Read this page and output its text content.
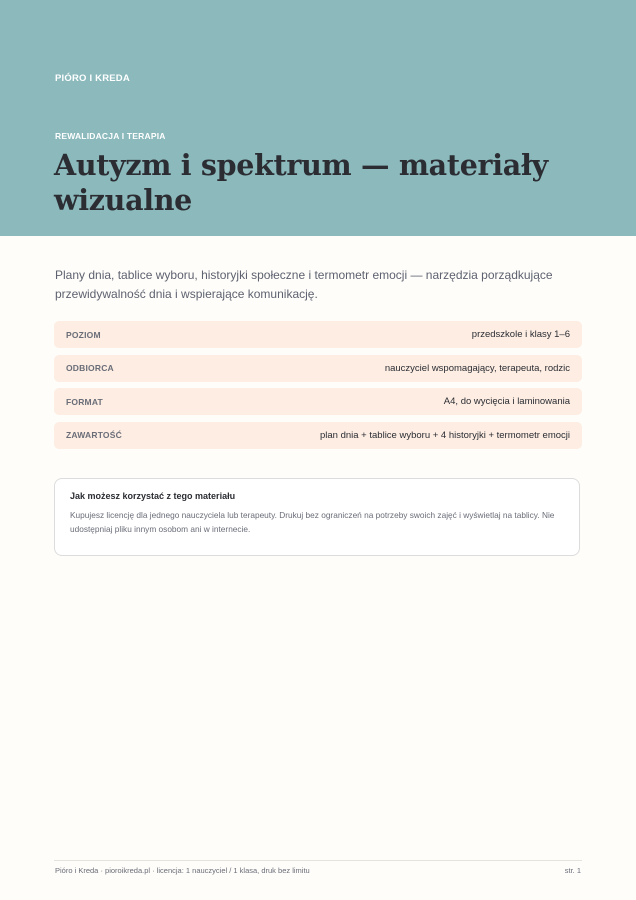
PIÓRO I KREDA
REWALIDACJA I TERAPIA
Autyzm i spektrum — materiały wizualne

Plany dnia, tablice wyboru, historyjki społeczne i termometr emocji — narzędzia porządkujące przewidywalność dnia i wspierające komunikację.

POZIOM	przedszkole i klasy 1–6
ODBIORCA	nauczyciel wspomagający, terapeuta, rodzic
FORMAT	A4, do wycięcia i laminowania
ZAWARTOŚĆ	plan dnia + tablice wyboru + 4 historyjki + termometr emocji
Jak możesz korzystać z tego materiału
Kupujesz licencję dla jednego nauczyciela lub terapeuty. Drukuj bez ograniczeń na potrzeby swoich zajęć i wyświetlaj na tablicy. Nie udostępniaj pliku innym osobom ani w internecie.
Pióro i Kreda · pioroikreda.pl · licencja: 1 nauczyciel / 1 klasa, druk bez limitu	str. 1
